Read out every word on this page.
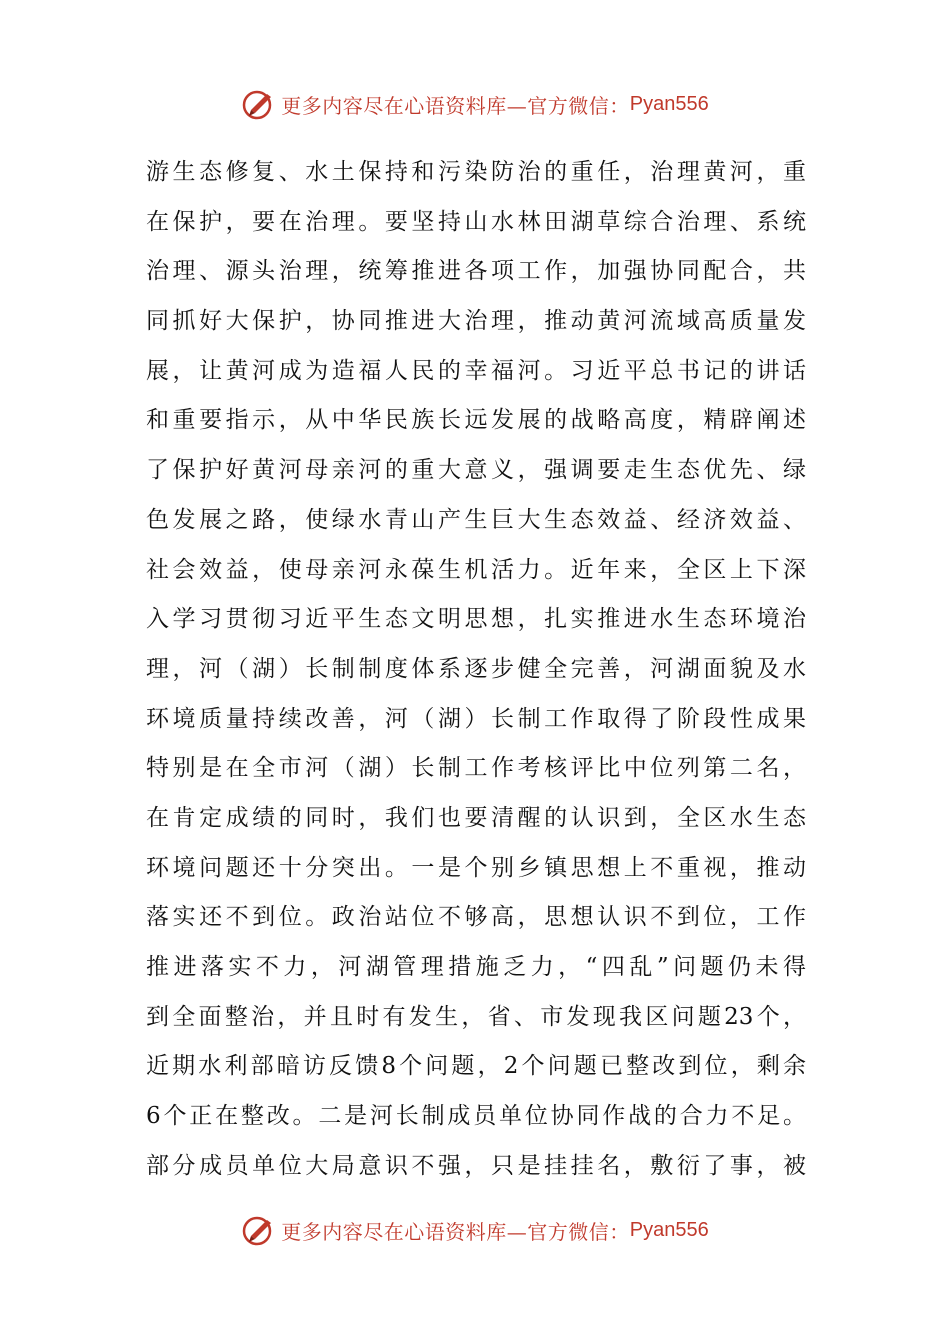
更多内容尽在心语资料库—官方微信： Pyan556
游生态修复、水土保持和污染防治的重任，治理黄河，重
在保护，要在治理。要坚持山水林田湖草综合治理、系统
治理、源头治理，统筹推进各项工作，加强协同配合，共
同抓好大保护，协同推进大治理，推动黄河流域高质量发
展，让黄河成为造福人民的幸福河。习近平总书记的讲话
和重要指示，从中华民族长远发展的战略高度，精辟阐述
了保护好黄河母亲河的重大意义，强调要走生态优先、绿
色发展之路，使绿水青山产生巨大生态效益、经济效益、
社会效益，使母亲河永葆生机活力。近年来，全区上下深
入学习贯彻习近平生态文明思想，扎实推进水生态环境治
理，河（湖）长制制度体系逐步健全完善，河湖面貌及水
环境质量持续改善，河（湖）长制工作取得了阶段性成果
特别是在全市河（湖）长制工作考核评比中位列第二名，
在肯定成绩的同时，我们也要清醒的认识到，全区水生态
环境问题还十分突出。一是个别乡镇思想上不重视，推动
落实还不到位。政治站位不够高，思想认识不到位，工作
推进落实不力，河湖管理措施乏力，“四乱”问题仍未得
到全面整治，并且时有发生，省、市发现我区问题23个，
近期水利部暗访反馈8个问题，2个问题已整改到位，剩余
6个正在整改。二是河长制成员单位协同作战的合力不足。
部分成员单位大局意识不强，只是挂挂名，敷衍了事，被
更多内容尽在心语资料库—官方微信： Pyan556
